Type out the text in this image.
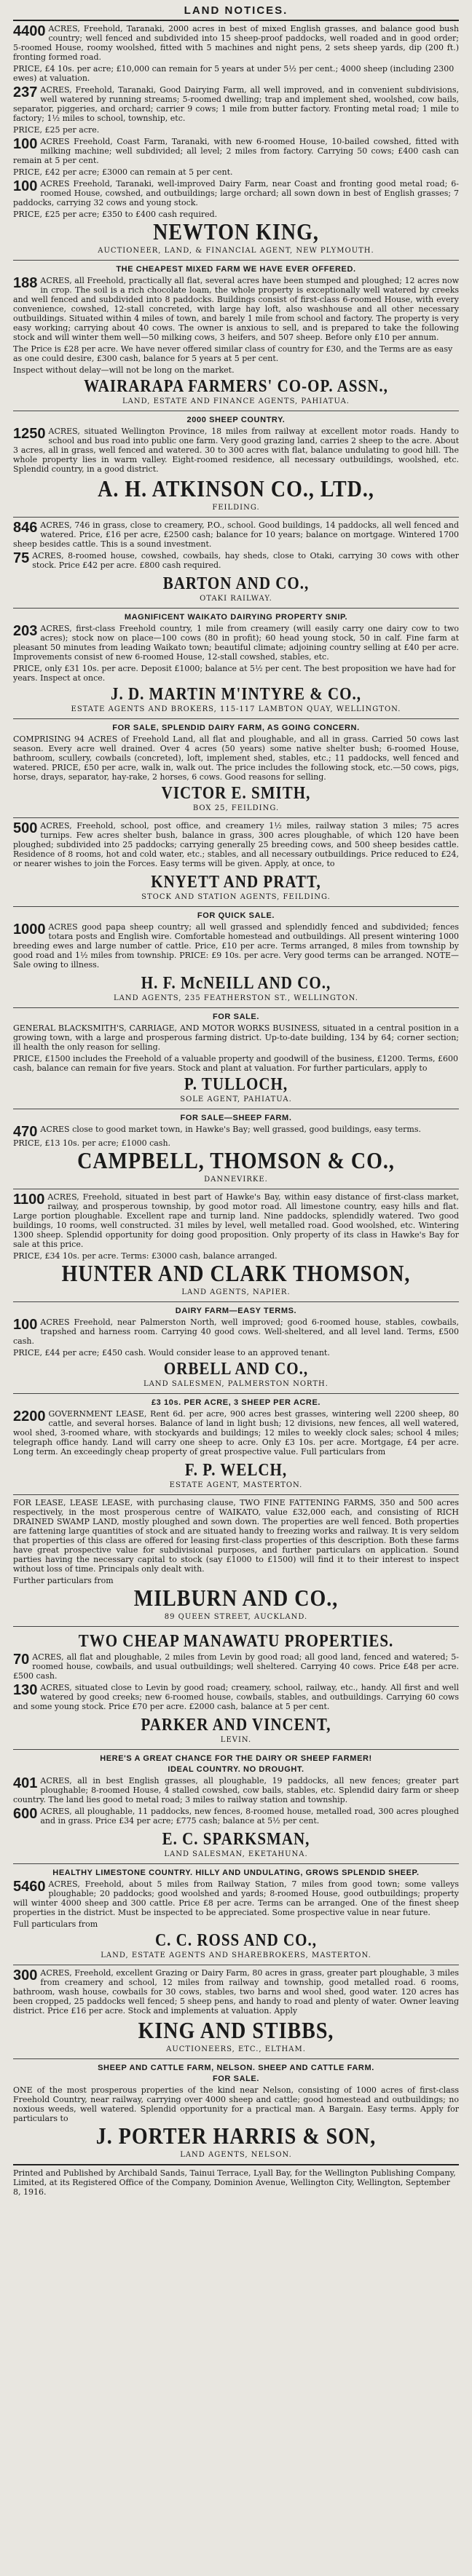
LAND NOTICES.

4400 ACRES, Freehold, Taranaki, 2000 acres in best of mixed English grasses, and balance good bush country; well fenced and subdivided into 15 sheep-proof paddocks, well roaded and in good order; 5-roomed House, roomy woolshed, fitted with 5 machines and night pens, 2 sets sheep yards, dip (200 ft.) fronting formed road.

PRICE, £4 10s. per acre; £10,000 can remain for 5 years at under 5½ per cent.; 4000 sheep (including 2300 ewes) at valuation.

237 ACRES, Freehold, Taranaki, Good Dairying Farm, all well improved, and in convenient subdivisions, well watered by running streams; 5-roomed dwelling; trap and implement shed, woolshed, cow bails, separator, piggeries, and orchard; carrier 9 cows; 1 mile from butter factory. Fronting metal road; 1 mile to factory; 1½ miles to school, township, etc.

PRICE, £25 per acre.

100 ACRES Freehold, Coast Farm, Taranaki, with new 6-roomed House, 10-bailed cowshed, fitted with milking machine; well subdivided; all level; 2 miles from factory. Carrying 50 cows; £400 cash can remain at 5 per cent.

PRICE, £42 per acre; £3000 can remain at 5 per cent.

100 ACRES Freehold, Taranaki, well-improved Dairy Farm, near Coast and fronting good metal road; 6-roomed House, cowshed, and outbuildings; large orchard; all sown down in best of English grasses; 7 paddocks, carrying 32 cows and young stock.

PRICE, £25 per acre; £350 to £400 cash required.

NEWTON KING,
AUCTIONEER, LAND, & FINANCIAL AGENT, NEW PLYMOUTH.
THE CHEAPEST MIXED FARM WE HAVE EVER OFFERED.

188 ACRES, all Freehold, practically all flat, several acres have been stumped and ploughed; 12 acres now in crop. The soil is a rich chocolate loam, the whole property is exceptionally well watered by creeks and well fenced and subdivided into 8 paddocks. Buildings consist of first-class 6-roomed House, with every convenience, cowshed, 12-stall concreted, with large hay loft, also washhouse and all other necessary outbuildings. Situated within 4 miles of town, and barely 1 mile from school and factory. The property is very easy working; carrying about 40 cows. The owner is anxious to sell, and is prepared to take the following stock and will winter them well—50 milking cows, 3 heifers, and 507 sheep. Before only £10 per annum.

The Price is £28 per acre. We have never offered similar class of country for £30, and the Terms are as easy as one could desire, £300 cash, balance for 5 years at 5 per cent.

Inspect without delay—will not be long on the market.

WAIRARAPA FARMERS' CO-OP. ASSN.,
LAND, ESTATE AND FINANCE AGENTS, PAHIATUA.
2000 SHEEP COUNTRY.

1250 ACRES, situated Wellington Province, 18 miles from railway at excellent motor roads. Handy to school and bus road into public one farm. Very good grazing land, carries 2 sheep to the acre. About 3 acres, all in grass, well fenced and watered. 30 to 300 acres with flat, balance undulating to good hill. The whole property lies in warm valley. Eight-roomed residence, all necessary outbuildings, woolshed, etc. Splendid country, in a good district.

A. H. ATKINSON CO., LTD.,
FEILDING.

846 ACRES, 746 in grass, close to creamery, P.O., school. Good buildings, 14 paddocks, all well fenced and watered. Price, £16 per acre, £2500 cash; balance for 10 years; balance on mortgage. Wintered 1700 sheep besides cattle. This is a sound investment.

75 ACRES, 8-roomed house, cowshed, cowbails, hay sheds, close to Otaki, carrying 30 cows with other stock. Price £42 per acre. £800 cash required.

BARTON AND CO.,
OTAKI RAILWAY.
MAGNIFICENT WAIKATO DAIRYING PROPERTY SNIP.

203 ACRES, first-class Freehold country, 1 mile from creamery (will easily carry one dairy cow to two acres); stock now on place—100 cows (80 in profit); 60 head young stock, 50 in calf. Fine farm at pleasant 50 minutes from leading Waikato town; beautiful climate; adjoining country selling at £40 per acre. Improvements consist of new 6-roomed House, 12-stall cowshed, stables, etc.

PRICE, only £31 10s. per acre. Deposit £1000; balance at 5½ per cent. The best proposition we have had for years. Inspect at once.

J. D. MARTIN M'INTYRE & CO.,
ESTATE AGENTS AND BROKERS, 115-117 LAMBTON QUAY, WELLINGTON.
FOR SALE, SPLENDID DAIRY FARM, AS GOING CONCERN.

COMPRISING 94 ACRES of Freehold Land, all flat and ploughable, and all in grass. Carried 50 cows last season. Every acre well drained. Over 4 acres (50 years) some native shelter bush; 6-roomed House, bathroom, scullery, cowbails (concreted), loft, implement shed, stables, etc.; 11 paddocks, well fenced and watered. PRICE, £50 per acre, walk in, walk out. The price includes the following stock, etc.—50 cows, pigs, horse, drays, separator, hay-rake, 2 horses, 6 cows. Good reasons for selling.

VICTOR E. SMITH,
BOX 25, FEILDING.

500 ACRES, Freehold, school, post office, and creamery 1½ miles, railway station 3 miles; 75 acres turnips. Few acres shelter bush, balance in grass, 300 acres ploughable, of which 120 have been ploughed; subdivided into 25 paddocks; carrying generally 25 breeding cows, and 500 sheep besides cattle. Residence of 8 rooms, hot and cold water, etc.; stables, and all necessary outbuildings. Price reduced to £24, or nearer wishes to join the Forces. Easy terms will be given. Apply, at once, to

KNYETT AND PRATT,
STOCK AND STATION AGENTS, FEILDING.
FOR QUICK SALE.

1000 ACRES good papa sheep country; all well grassed and splendidly fenced and subdivided; fences totara posts and English wire. Comfortable homestead and outbuildings. All present wintering 1000 breeding ewes and large number of cattle. Price, £10 per acre. Terms arranged, 8 miles from township by good road and 1½ miles from township. PRICE: £9 10s. per acre. Very good terms can be arranged. NOTE—Sale owing to illness.

H. F. McNEILL AND CO.,
LAND AGENTS, 235 FEATHERSTON ST., WELLINGTON.
FOR SALE.

GENERAL BLACKSMITH'S, CARRIAGE, AND MOTOR WORKS BUSINESS, situated in a central position in a growing town, with a large and prosperous farming district. Up-to-date building, 134 by 64; corner section; ill health the only reason for selling.

PRICE, £1500 includes the Freehold of a valuable property and goodwill of the business, £1200. Terms, £600 cash, balance can remain for five years. Stock and plant at valuation. For further particulars, apply to

P. TULLOCH,
SOLE AGENT, PAHIATUA.
FOR SALE—SHEEP FARM.

470 ACRES close to good market town, in Hawke's Bay; well grassed, good buildings, easy terms.

PRICE, £13 10s. per acre; £1000 cash.

CAMPBELL, THOMSON & CO.,
DANNEVIRKE.

1100 ACRES, Freehold, situated in best part of Hawke's Bay, within easy distance of first-class market, railway, and prosperous township, by good motor road. All limestone country, easy hills and flat. Large portion ploughable. Excellent rape and turnip land. Nine paddocks, splendidly watered. Two good buildings, 10 rooms, well constructed. 31 miles by level, well metalled road. Good woolshed, etc. Wintering 1300 sheep. Splendid opportunity for doing good proposition. Only property of its class in Hawke's Bay for sale at this price.

PRICE, £34 10s. per acre. Terms: £3000 cash, balance arranged.

HUNTER AND CLARK THOMSON,
LAND AGENTS, NAPIER.
DAIRY FARM—EASY TERMS.

100 ACRES Freehold, near Palmerston North, well improved; good 6-roomed house, stables, cowbails, trapshed and harness room. Carrying 40 good cows. Well-sheltered, and all level land. Terms, £500 cash.

PRICE, £44 per acre; £450 cash. Would consider lease to an approved tenant.

ORBELL AND CO.,
LAND SALESMEN, PALMERSTON NORTH.
£3 10s. PER ACRE, 3 SHEEP PER ACRE.

2200 GOVERNMENT LEASE, Rent 6d. per acre, 900 acres best grasses, wintering well 2200 sheep, 80 cattle, and several horses. Balance of land in light bush; 12 divisions, new fences, all well watered, wool shed, 3-roomed whare, with stockyards and buildings; 12 miles to weekly clock sales; school 4 miles; telegraph office handy. Land will carry one sheep to acre. Only £3 10s. per acre. Mortgage, £4 per acre. Long term. An exceedingly cheap property of great prospective value. Full particulars from

F. P. WELCH,
ESTATE AGENT, MASTERTON.

FOR LEASE, LEASE LEASE, with purchasing clause, TWO FINE FATTENING FARMS, 350 and 500 acres respectively, in the most prosperous centre of WAIKATO, value £32,000 each, and consisting of RICH DRAINED SWAMP LAND, mostly ploughed and sown down. The properties are well fenced. Both properties are fattening large quantities of stock and are situated handy to freezing works and railway. It is very seldom that properties of this class are offered for leasing first-class properties of this description. Both these farms have great prospective value for subdivisional purposes, and further particulars on application. Sound parties having the necessary capital to stock (say £1000 to £1500) will find it to their interest to inspect without loss of time. Principals only dealt with.

Further particulars from

MILBURN AND CO.,
89 QUEEN STREET, AUCKLAND.
TWO CHEAP MANAWATU PROPERTIES.

70 ACRES, all flat and ploughable, 2 miles from Levin by good road; all good land, fenced and watered; 5-roomed house, cowbails, and usual outbuildings; well sheltered. Carrying 40 cows. Price £48 per acre. £500 cash.

130 ACRES, situated close to Levin by good road; creamery, school, railway, etc., handy. All first and well watered by good creeks; new 6-roomed house, cowbails, stables, and outbuildings. Carrying 60 cows and some young stock. Price £70 per acre. £2000 cash, balance at 5 per cent.

PARKER AND VINCENT,
LEVIN.
HERE'S A GREAT CHANCE FOR THE DAIRY OR SHEEP FARMER!
IDEAL COUNTRY. NO DROUGHT.

401 ACRES, all in best English grasses, all ploughable, 19 paddocks, all new fences; greater part ploughable; 8-roomed House, 4 stalled cowshed, cow bails, stables, etc. Splendid dairy farm or sheep country. The land lies good to metal road; 3 miles to railway station and township.

600 ACRES, all ploughable, 11 paddocks, new fences, 8-roomed house, metalled road, 300 acres ploughed and in grass. Price £34 per acre; £775 cash; balance at 5½ per cent.

E. C. SPARKSMAN,
LAND SALESMAN, EKETAHUNA.
HEALTHY LIMESTONE COUNTRY. HILLY AND UNDULATING, GROWS SPLENDID SHEEP.

5460 ACRES, Freehold, about 5 miles from Railway Station, 7 miles from good town; some valleys ploughable; 20 paddocks; good woolshed and yards; 8-roomed House, good outbuildings; property will winter 4000 sheep and 300 cattle. Price £8 per acre. Terms can be arranged. One of the finest sheep properties in the district. Must be inspected to be appreciated. Some prospective value in near future.

Full particulars from

C. C. ROSS AND CO.,
LAND, ESTATE AGENTS AND SHAREBROKERS, MASTERTON.

300 ACRES, Freehold, excellent Grazing or Dairy Farm, 80 acres in grass, greater part ploughable, 3 miles from creamery and school, 12 miles from railway and township, good metalled road. 6 rooms, bathroom, wash house, cowbails for 30 cows, stables, two barns and wool shed, good water. 120 acres has been cropped, 25 paddocks well fenced; 5 sheep pens, and handy to road and plenty of water. Owner leaving district. Price £16 per acre. Stock and implements at valuation. Apply

KING AND STIBBS,
AUCTIONEERS, ETC., ELTHAM.
SHEEP AND CATTLE FARM, NELSON. SHEEP AND CATTLE FARM.
FOR SALE.

ONE of the most prosperous properties of the kind near Nelson, consisting of 1000 acres of first-class Freehold Country, near railway, carrying over 4000 sheep and cattle; good homestead and outbuildings; no noxious weeds, well watered. Splendid opportunity for a practical man. A Bargain. Easy terms. Apply for particulars to

J. PORTER HARRIS & SON,
LAND AGENTS, NELSON.
Printed and Published by Archibald Sands, Tainui Terrace, Lyall Bay, for the Wellington Publishing Company, Limited, at its Registered Office of the Company, Dominion Avenue, Wellington City, Wellington, September 8, 1916.
